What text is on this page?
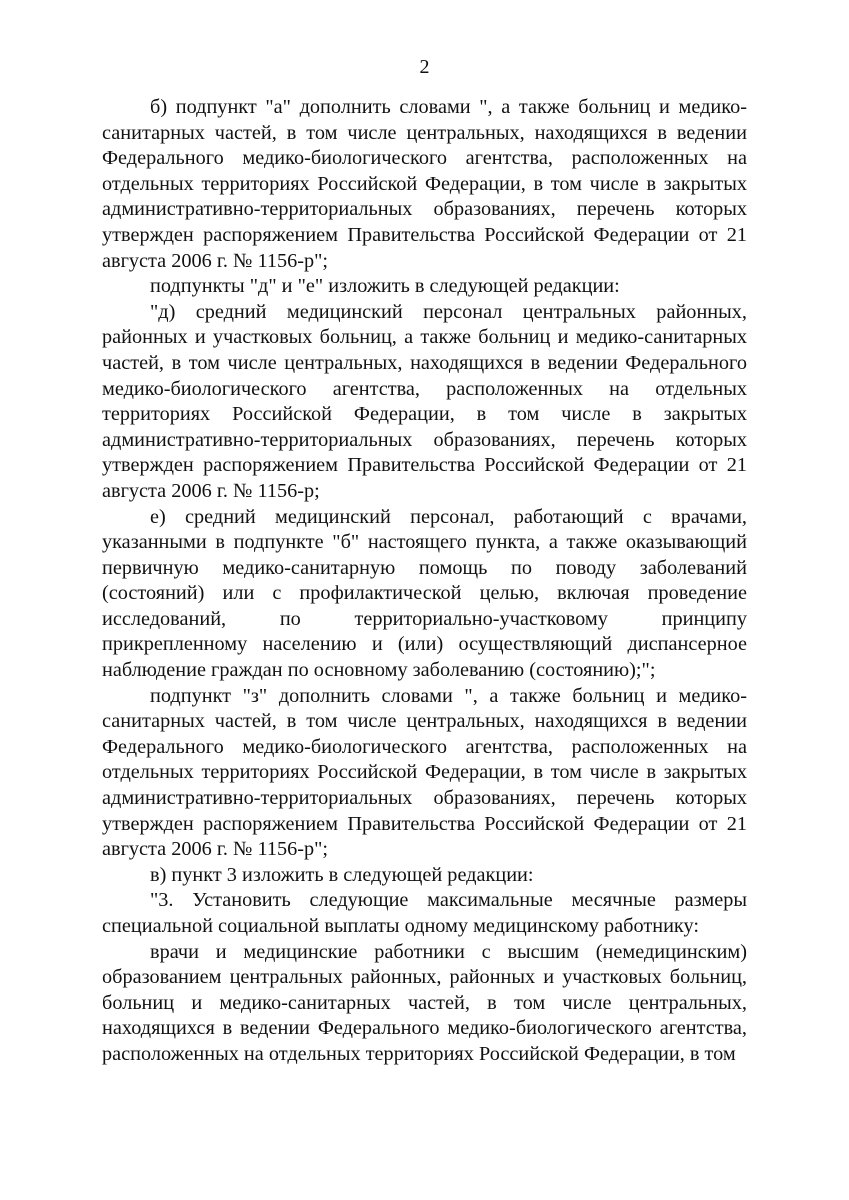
2

б) подпункт "а" дополнить словами ", а также больниц и медико-санитарных частей, в том числе центральных, находящихся в ведении Федерального медико-биологического агентства, расположенных на отдельных территориях Российской Федерации, в том числе в закрытых административно-территориальных образованиях, перечень которых утвержден распоряжением Правительства Российской Федерации от 21 августа 2006 г. № 1156-р";

подпункты "д" и "е" изложить в следующей редакции:

"д) средний медицинский персонал центральных районных, районных и участковых больниц, а также больниц и медико-санитарных частей, в том числе центральных, находящихся в ведении Федерального медико-биологического агентства, расположенных на отдельных территориях Российской Федерации, в том числе в закрытых административно-территориальных образованиях, перечень которых утвержден распоряжением Правительства Российской Федерации от 21 августа 2006 г. № 1156-р;

е) средний медицинский персонал, работающий с врачами, указанными в подпункте "б" настоящего пункта, а также оказывающий первичную медико-санитарную помощь по поводу заболеваний (состояний) или с профилактической целью, включая проведение исследований, по территориально-участковому принципу прикрепленному населению и (или) осуществляющий диспансерное наблюдение граждан по основному заболеванию (состоянию);";

подпункт "з" дополнить словами ", а также больниц и медико-санитарных частей, в том числе центральных, находящихся в ведении Федерального медико-биологического агентства, расположенных на отдельных территориях Российской Федерации, в том числе в закрытых административно-территориальных образованиях, перечень которых утвержден распоряжением Правительства Российской Федерации от 21 августа 2006 г. № 1156-р";

в) пункт 3 изложить в следующей редакции:

"3. Установить следующие максимальные месячные размеры специальной социальной выплаты одному медицинскому работнику:

врачи и медицинские работники с высшим (немедицинским) образованием центральных районных, районных и участковых больниц, больниц и медико-санитарных частей, в том числе центральных, находящихся в ведении Федерального медико-биологического агентства, расположенных на отдельных территориях Российской Федерации, в том
